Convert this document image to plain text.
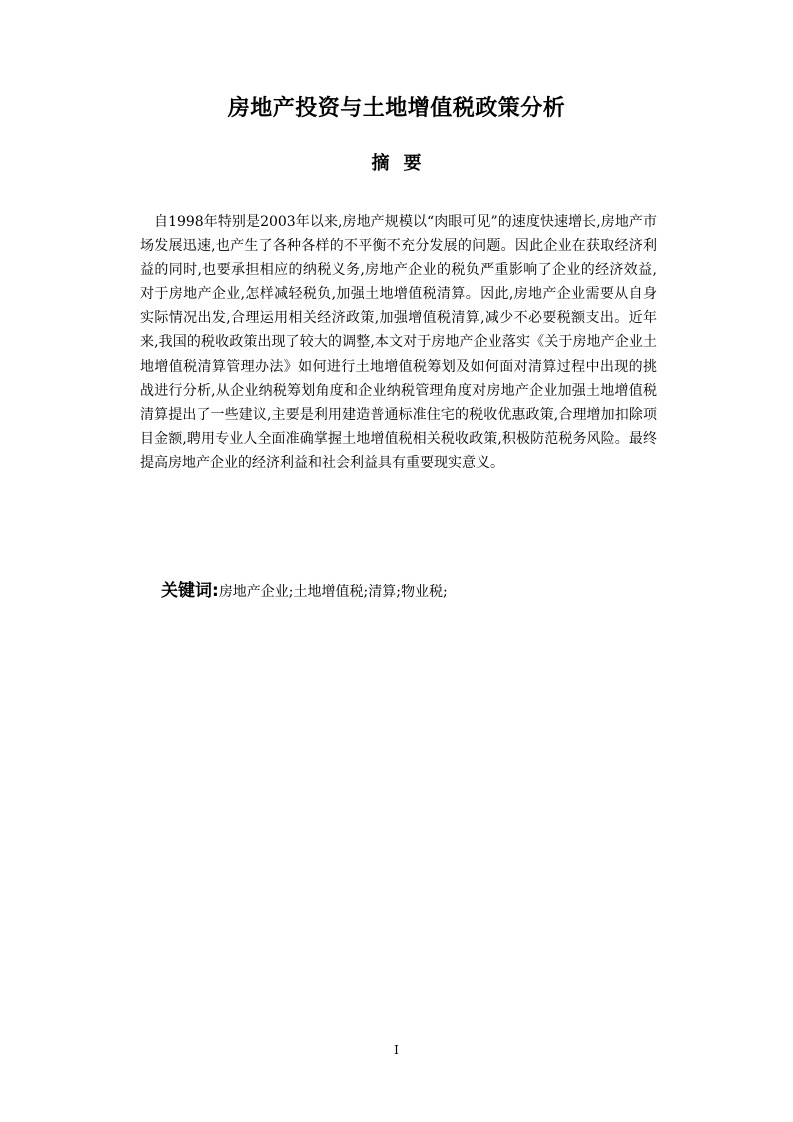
房地产投资与土地增值税政策分析
摘要
自1998年特别是2003年以来,房地产规模以“肉眼可见”的速度快速增长,房地产市场发展迅速,也产生了各种各样的不平衡不充分发展的问题。因此企业在获取经济利益的同时,也要承担相应的纳税义务,房地产企业的税负严重影响了企业的经济效益,对于房地产企业,怎样减轻税负,加强土地增值税清算。因此,房地产企业需要从自身实际情况出发,合理运用相关经济政策,加强增值税清算,减少不必要税额支出。近年来,我国的税收政策出现了较大的调整,本文对于房地产企业落实《关于房地产企业土地增值税清算管理办法》如何进行土地增值税筹划及如何面对清算过程中出现的挑战进行分析,从企业纳税筹划角度和企业纳税管理角度对房地产企业加强土地增值税清算提出了一些建议,主要是利用建造普通标准住宅的税收优惠政策,合理增加扣除项目金额,聘用专业人全面准确掌握土地增值税相关税收政策,积极防范税务风险。最终提高房地产企业的经济利益和社会利益具有重要现实意义。
关键词:房地产企业;土地增值税;清算;物业税;
I
